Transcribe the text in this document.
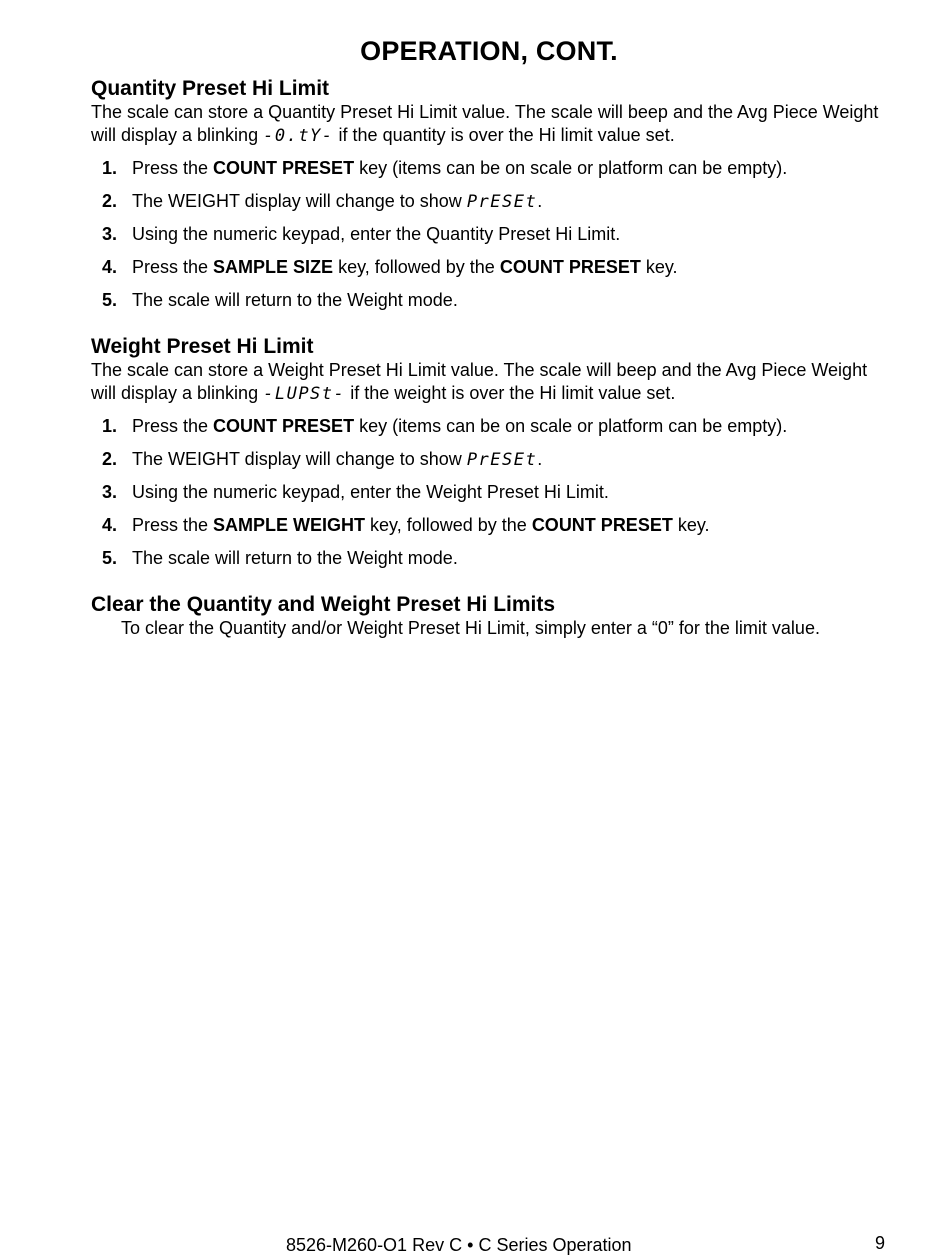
OPERATION, CONT.
Quantity Preset Hi Limit
The scale can store a Quantity Preset Hi Limit value. The scale will beep and the Avg Piece Weight will display a blinking -0.tY- if the quantity is over the Hi limit value set.
1. Press the COUNT PRESET key (items can be on scale or platform can be empty).
2. The WEIGHT display will change to show PrESEt.
3. Using the numeric keypad, enter the Quantity Preset Hi Limit.
4. Press the SAMPLE SIZE key, followed by the COUNT PRESET key.
5. The scale will return to the Weight mode.
Weight Preset Hi Limit
The scale can store a Weight Preset Hi Limit value. The scale will beep and the Avg Piece Weight will display a blinking -LUPSt- if the weight is over the Hi limit value set.
1. Press the COUNT PRESET key (items can be on scale or platform can be empty).
2. The WEIGHT display will change to show PrESEt.
3. Using the numeric keypad, enter the Weight Preset Hi Limit.
4. Press the SAMPLE WEIGHT key, followed by the COUNT PRESET key.
5. The scale will return to the Weight mode.
Clear the Quantity and Weight Preset Hi Limits
To clear the Quantity and/or Weight Preset Hi Limit, simply enter a “0” for the limit value.
8526-M260-O1 Rev C • C Series Operation	9
